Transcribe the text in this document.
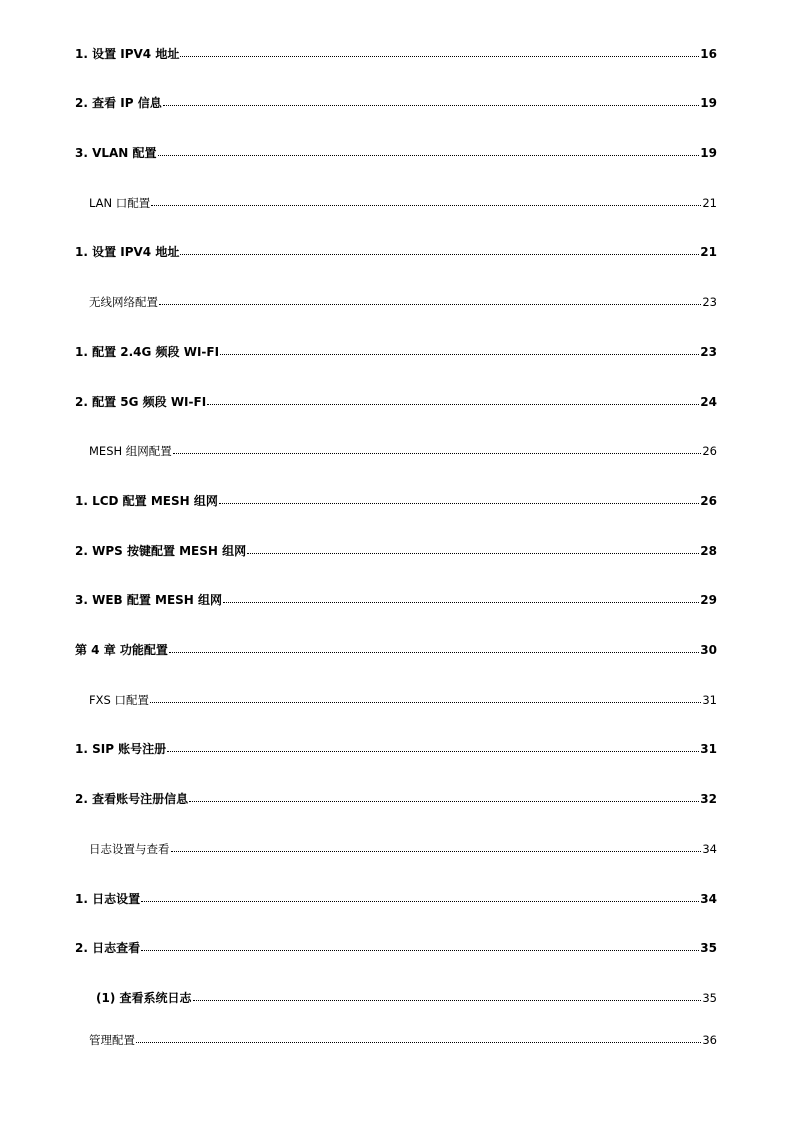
1. 设置 IPV4 地址	16
2. 查看 IP 信息	19
3. VLAN 配置	19
LAN 口配置	21
1. 设置 IPV4 地址	21
无线网络配置	23
1. 配置 2.4G 频段 WI-FI	23
2. 配置 5G 频段 WI-FI	24
MESH 组网配置	26
1. LCD 配置 MESH 组网	26
2. WPS 按键配置 MESH 组网	28
3. WEB 配置 MESH 组网	29
第 4 章 功能配置	30
FXS 口配置	31
1. SIP 账号注册	31
2. 查看账号注册信息	32
日志设置与查看	34
1. 日志设置	34
2. 日志查看	35
(1) 查看系统日志	35
管理配置	36
